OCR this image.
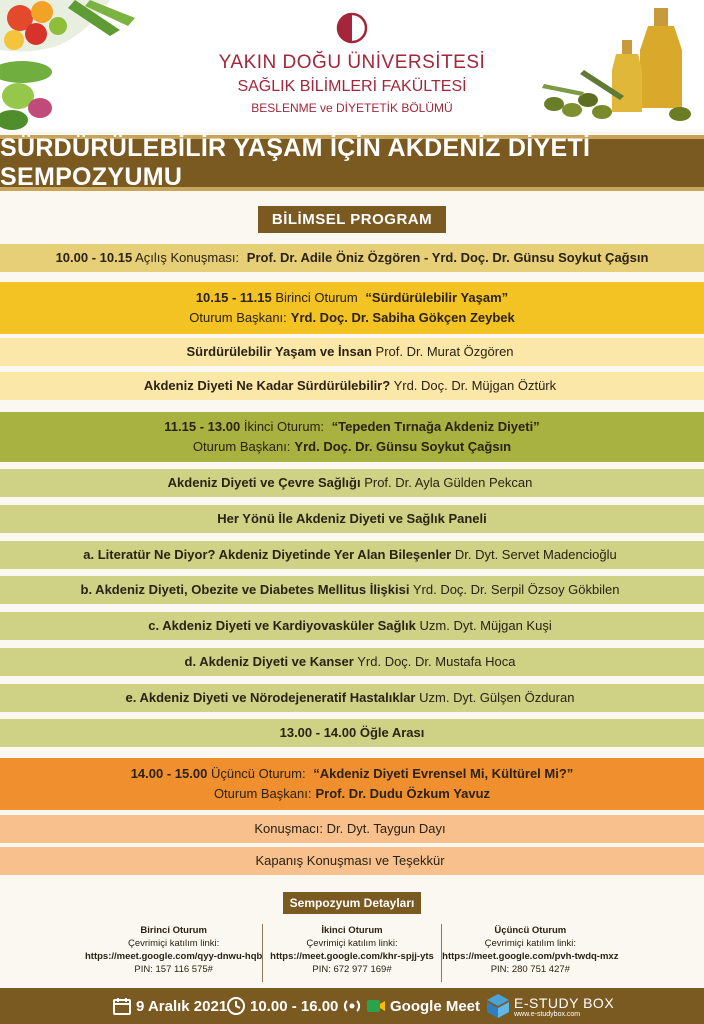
YAKIN DOĞU ÜNİVERSİTESİ
SAĞLIK BİLİMLERİ FAKÜLTESİ
BESLENME ve DİYETETİK BÖLÜMÜ
SÜRDÜRÜLEBİLİR YAŞAM İÇİN AKDENİZ DİYETİ SEMPOZYUMU
BİLİMSEL PROGRAM
10.00 - 10.15 Açılış Konuşması: Prof. Dr. Adile Öniz Özgören - Yrd. Doç. Dr. Günsu Soykut Çağsın
10.15 - 11.15 Birinci Oturum “Sürdürülebilir Yaşam”
Oturum Başkanı: Yrd. Doç. Dr. Sabiha Gökçen Zeybek
Sürdürülebilir Yaşam ve İnsan Prof. Dr. Murat Özgören
Akdeniz Diyeti Ne Kadar Sürdürülebilir? Yrd. Doç. Dr. Müjgan Öztürk
11.15 - 13.00 İkinci Oturum: “Tepeden Tırnağa Akdeniz Diyeti”
Oturum Başkanı: Yrd. Doç. Dr. Günsu Soykut Çağsın
Akdeniz Diyeti ve Çevre Sağlığı Prof. Dr. Ayla Gülden Pekcan
Her Yönü İle Akdeniz Diyeti ve Sağlık Paneli
a. Literatür Ne Diyor? Akdeniz Diyetinde Yer Alan Bileşenler Dr. Dyt. Servet Madencioğlu
b. Akdeniz Diyeti, Obezite ve Diabetes Mellitus İlişkisi Yrd. Doç. Dr. Serpil Özsoy Gökbilen
c. Akdeniz Diyeti ve Kardiyovasküler Sağlık Uzm. Dyt. Müjgan Kuşi
d. Akdeniz Diyeti ve Kanser Yrd. Doç. Dr. Mustafa Hoca
e. Akdeniz Diyeti ve Nörodejeneratif Hastalıklar Uzm. Dyt. Gülşen Özduran
13.00 - 14.00 Öğle Arası
14.00 - 15.00 Üçüncü Oturum: “Akdeniz Diyeti Evrensel Mi, Kültürel Mi?”
Oturum Başkanı: Prof. Dr. Dudu Özkum Yavuz
Konuşmacı: Dr. Dyt. Taygun Dayı
Kapanış Konuşması ve Teşekkür
Sempozyum Detayları
Birinci Oturum
Çevrimiçi katılım linki:
https://meet.google.com/qyy-dnwu-hqb
PIN: 157 116 575#
İkinci Oturum
Çevrimiçi katılım linki:
https://meet.google.com/khr-spjj-yts
PIN: 672 977 169#
Üçüncü Oturum
Çevrimiçi katılım linki:
https://meet.google.com/pvh-twdq-mxz
PIN: 280 751 427#
9 Aralık 2021 10.00 - 16.00	Google Meet E-STUDY BOX
www.e-studybox.com
